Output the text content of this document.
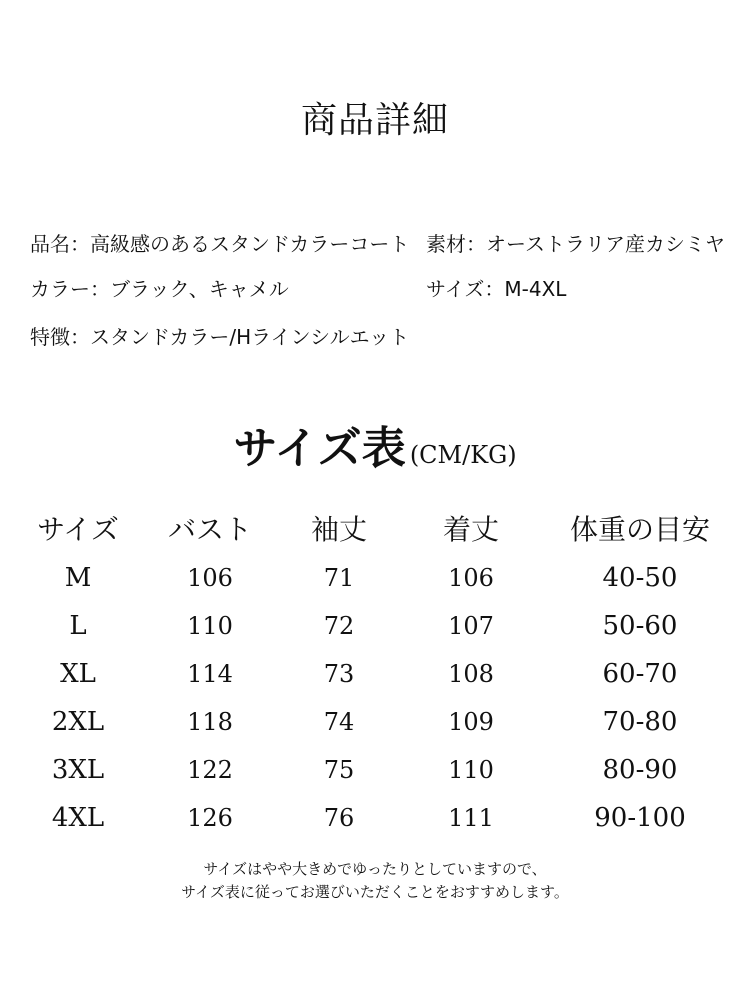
商品詳細
品名：高級感のあるスタンドカラーコート 素材：オーストラリア産カシミヤ
カラー：ブラック、キャメル	サイズ：M-4XL
特徴：スタンドカラー/Hラインシルエット
サイズ表 (CM/KG)
サイズ	バスト	袖丈	着丈	体重の目安
M	106	71	106	40-50
L	110	72	107	50-60
XL	114	73	108	60-70
2XL	118	74	109	70-80
3XL	122	75	110	80-90
4XL	126	76	111	90-100
サイズはやや大きめでゆったりとしていますので、
サイズ表に従ってお選びいただくことをおすすめします。
